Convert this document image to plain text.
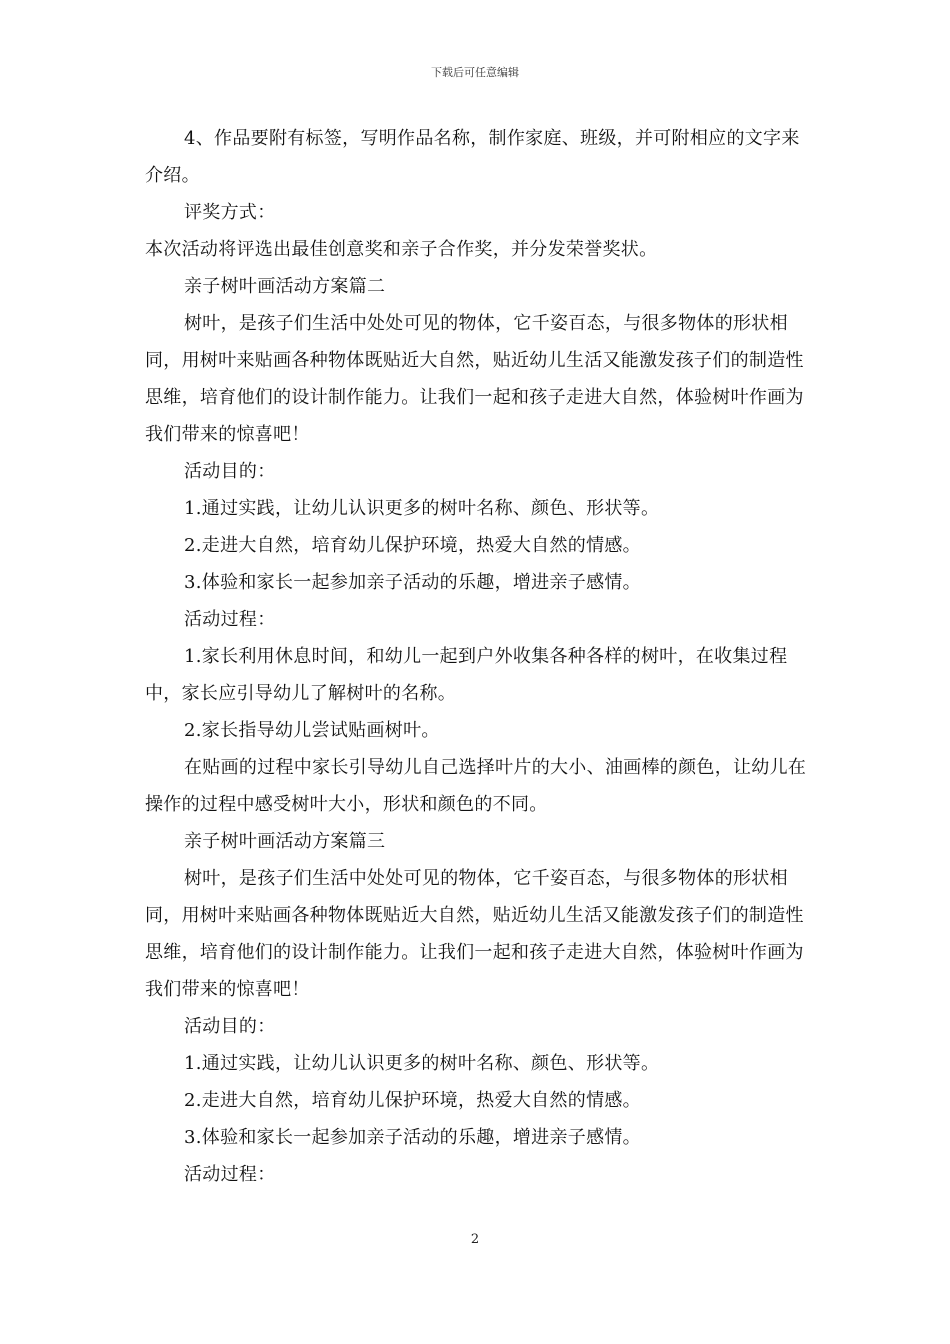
下载后可任意编辑

4、作品要附有标签，写明作品名称，制作家庭、班级，并可附相应的文字来介绍。

评奖方式：

本次活动将评选出最佳创意奖和亲子合作奖，并分发荣誉奖状。

亲子树叶画活动方案篇二

树叶，是孩子们生活中处处可见的物体，它千姿百态，与很多物体的形状相同，用树叶来贴画各种物体既贴近大自然，贴近幼儿生活又能激发孩子们的制造性思维，培育他们的设计制作能力。让我们一起和孩子走进大自然，体验树叶作画为我们带来的惊喜吧！

活动目的：

1.通过实践，让幼儿认识更多的树叶名称、颜色、形状等。

2.走进大自然，培育幼儿保护环境，热爱大自然的情感。

3.体验和家长一起参加亲子活动的乐趣，增进亲子感情。

活动过程：

1.家长利用休息时间，和幼儿一起到户外收集各种各样的树叶，在收集过程中，家长应引导幼儿了解树叶的名称。

2.家长指导幼儿尝试贴画树叶。

在贴画的过程中家长引导幼儿自己选择叶片的大小、油画棒的颜色，让幼儿在操作的过程中感受树叶大小，形状和颜色的不同。

亲子树叶画活动方案篇三

树叶，是孩子们生活中处处可见的物体，它千姿百态，与很多物体的形状相同，用树叶来贴画各种物体既贴近大自然，贴近幼儿生活又能激发孩子们的制造性思维，培育他们的设计制作能力。让我们一起和孩子走进大自然，体验树叶作画为我们带来的惊喜吧！

活动目的：

1.通过实践，让幼儿认识更多的树叶名称、颜色、形状等。

2.走进大自然，培育幼儿保护环境，热爱大自然的情感。

3.体验和家长一起参加亲子活动的乐趣，增进亲子感情。

活动过程：

2
